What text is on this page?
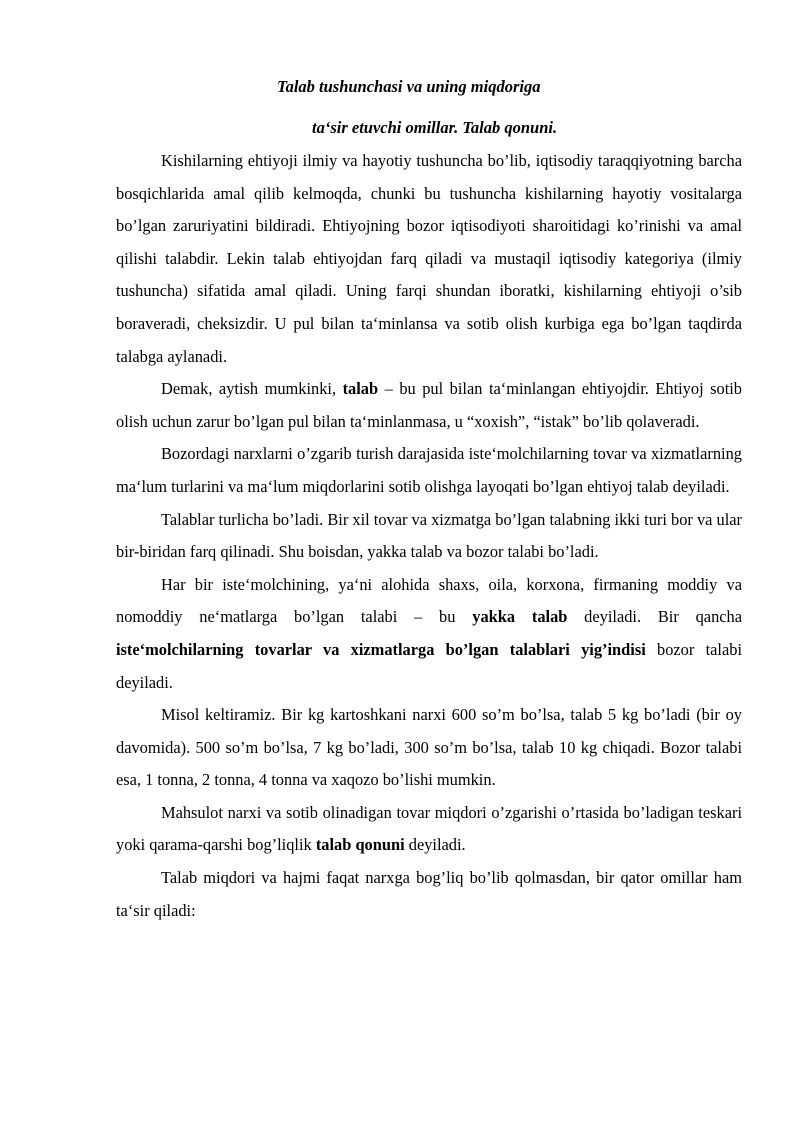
Talab tushunchasi va uning miqdoriga

ta‘sir etuvchi omillar. Talab qonuni.

Kishilarning ehtiyoji ilmiy va hayotiy tushuncha bo’lib, iqtisodiy taraqqiyotning barcha bosqichlarida amal qilib kelmoqda, chunki bu tushuncha kishilarning hayotiy vositalarga bo’lgan zaruriyatini bildiradi. Ehtiyojning bozor iqtisodiyoti sharoitidagi ko’rinishi va amal qilishi talabdir. Lekin talab ehtiyojdan farq qiladi va mustaqil iqtisodiy kategoriya (ilmiy tushuncha) sifatida amal qiladi. Uning farqi shundan iboratki, kishilarning ehtiyoji o’sib boraveradi, cheksizdir. U pul bilan ta‘minlansa va sotib olish kurbiga ega bo’lgan taqdirda talabga aylanadi.

Demak, aytish mumkinki, talab – bu pul bilan ta‘minlangan ehtiyojdir. Ehtiyoj sotib olish uchun zarur bo’lgan pul bilan ta‘minlanmasa, u “xoxish”, “istak” bo’lib qolaveradi.

Bozordagi narxlarni o’zgarib turish darajasida iste‘molchilarning tovar va xizmatlarning ma‘lum turlarini va ma‘lum miqdorlarini sotib olishga layoqati bo’lgan ehtiyoj talab deyiladi.

Talablar turlicha bo’ladi. Bir xil tovar va xizmatga bo’lgan talabning ikki turi bor va ular bir-biridan farq qilinadi. Shu boisdan, yakka talab va bozor talabi bo’ladi.

Har bir iste‘molchining, ya‘ni alohida shaxs, oila, korxona, firmaning moddiy va nomoddiy ne‘matlarga bo’lgan talabi – bu yakka talab deyiladi. Bir qancha iste‘molchilarning tovarlar va xizmatlarga bo’lgan talablari yig’indisi bozor talabi deyiladi.

Misol keltiramiz. Bir kg kartoshkani narxi 600 so’m bo’lsa, talab 5 kg bo’ladi (bir oy davomida). 500 so’m bo’lsa, 7 kg bo’ladi, 300 so’m bo’lsa, talab 10 kg chiqadi. Bozor talabi esa, 1 tonna, 2 tonna, 4 tonna va xaqozo bo’lishi mumkin.

Mahsulot narxi va sotib olinadigan tovar miqdori o’zgarishi o’rtasida bo’ladigan teskari yoki qarama-qarshi bog’liqlik talab qonuni deyiladi.

Talab miqdori va hajmi faqat narxga bog’liq bo’lib qolmasdan, bir qator omillar ham ta‘sir qiladi:
